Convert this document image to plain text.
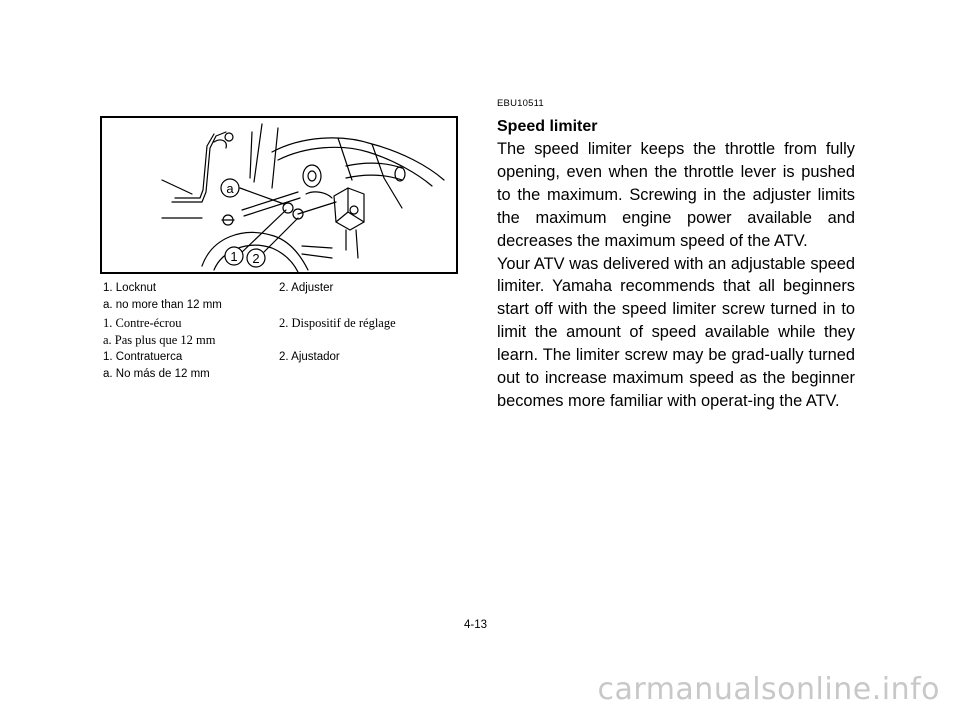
a
1 2
1. Locknut	2. Adjuster
a. no more than 12 mm
1. Contre-écrou	2. Dispositif de réglage
a. Pas plus que 12 mm
1. Contratuerca	2. Ajustador
a. No más de 12 mm
EBU10511
Speed limiter

The speed limiter keeps the throttle from fully opening, even when the throttle lever is pushed to the maximum. Screwing in the adjuster limits the maximum engine power available and decreases the maximum speed of the ATV.

Your ATV was delivered with an adjustable speed limiter. Yamaha recommends that all beginners start off with the speed limiter screw turned in to limit the amount of speed available while they learn. The limiter screw may be grad-ually turned out to increase maximum speed as the beginner becomes more familiar with operat-ing the ATV.

4-13
carmanualsonline.info
